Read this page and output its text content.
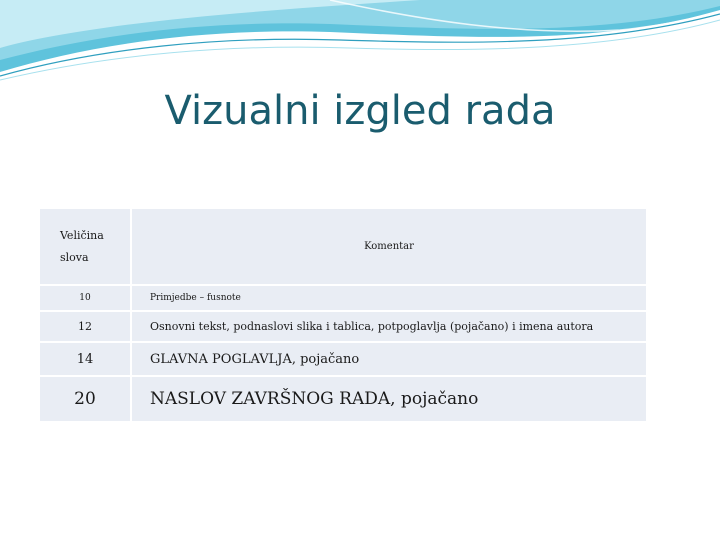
Vizualni izgled rada
Veličina
slova	Komentar
10	Primjedbe – fusnote
12	Osnovni tekst, podnaslovi slika i tablica, potpoglavlja (pojačano) i imena autora
14	GLAVNA POGLAVLJA, pojačano
20	NASLOV ZAVRŠNOG RADA, pojačano
